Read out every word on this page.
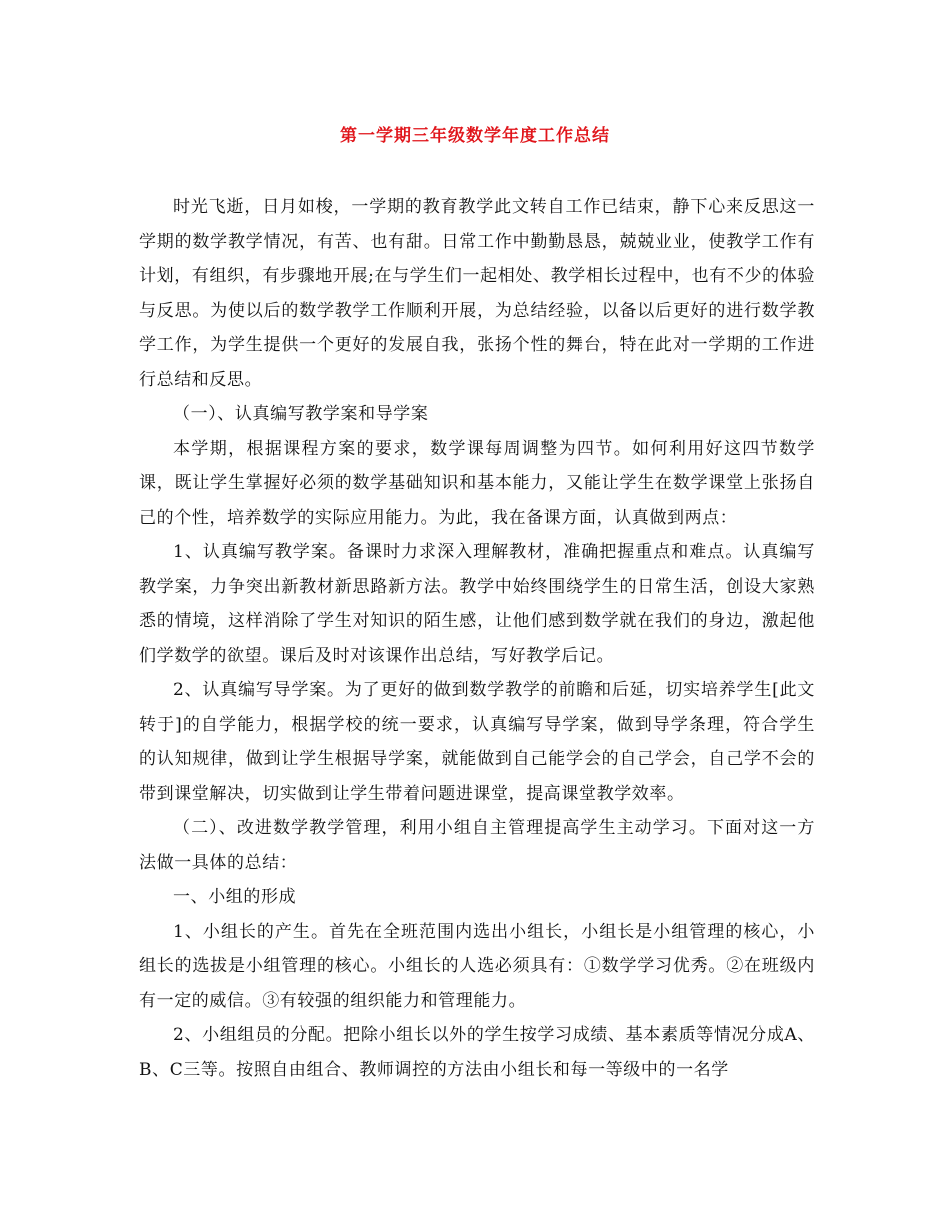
第一学期三年级数学年度工作总结

时光飞逝，日月如梭，一学期的教育教学此文转自工作已结束，静下心来反思这一学期的数学教学情况，有苦、也有甜。日常工作中勤勤恳恳，兢兢业业，使教学工作有计划，有组织，有步骤地开展;在与学生们一起相处、教学相长过程中，也有不少的体验与反思。为使以后的数学教学工作顺利开展，为总结经验，以备以后更好的进行数学教学工作，为学生提供一个更好的发展自我，张扬个性的舞台，特在此对一学期的工作进行总结和反思。

（一）、认真编写教学案和导学案

本学期，根据课程方案的要求，数学课每周调整为四节。如何利用好这四节数学课，既让学生掌握好必须的数学基础知识和基本能力，又能让学生在数学课堂上张扬自己的个性，培养数学的实际应用能力。为此，我在备课方面，认真做到两点：

1、认真编写教学案。备课时力求深入理解教材，准确把握重点和难点。认真编写教学案，力争突出新教材新思路新方法。教学中始终围绕学生的日常生活，创设大家熟悉的情境，这样消除了学生对知识的陌生感，让他们感到数学就在我们的身边，激起他们学数学的欲望。课后及时对该课作出总结，写好教学后记。

2、认真编写导学案。为了更好的做到数学教学的前瞻和后延，切实培养学生[此文转于]的自学能力，根据学校的统一要求，认真编写导学案，做到导学条理，符合学生的认知规律，做到让学生根据导学案，就能做到自己能学会的自己学会，自己学不会的带到课堂解决，切实做到让学生带着问题进课堂，提高课堂教学效率。

（二）、改进数学教学管理，利用小组自主管理提高学生主动学习。下面对这一方法做一具体的总结：

一、小组的形成

1、小组长的产生。首先在全班范围内选出小组长，小组长是小组管理的核心，小组长的选拔是小组管理的核心。小组长的人选必须具有：①数学学习优秀。②在班级内有一定的威信。③有较强的组织能力和管理能力。

2、小组组员的分配。把除小组长以外的学生按学习成绩、基本素质等情况分成A、B、C三等。按照自由组合、教师调控的方法由小组长和每一等级中的一名学
